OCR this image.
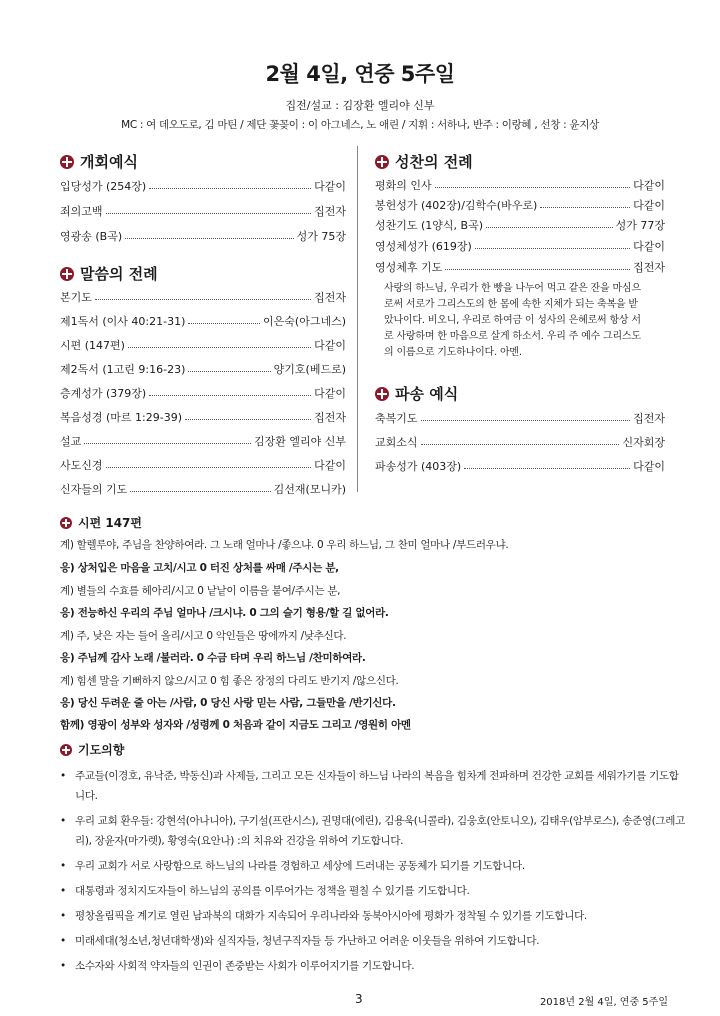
2월 4일, 연중 5주일
집전/설교 : 김장환 엘리야 신부
MC : 여 데오도로, 김 마틴 / 제단 꽃꽂이 : 이 아그네스, 노 애린 / 지휘 : 서하나, 반주 : 이랑혜 , 선창 : 윤지상
개회예식
입당성가 (254장)	다같이
죄의고백	집전자
영광송 (B곡)	성가 75장
말씀의 전례
본기도	집전자
제1독서 (이사 40:21-31)	이은숙(아그네스)
시편 (147편)	다같이
제2독서 (1고린 9:16-23)	양기호(베드로)
층계성가 (379장)	다같이
복음성경 (마르 1:29-39)	집전자
설교	김장환 엘리야 신부
사도신경	다같이
신자들의 기도	김선재(모니카)
성찬의 전례
평화의 인사	다같이
봉헌성가 (402장)/김학수(바우로)	다같이
성찬기도 (1양식, B곡)	성가 77장
영성체성가 (619장)	다같이
영성체후 기도	집전자
사랑의 하느님, 우리가 한 빵을 나누어 먹고 같은 잔을 마심으
로써 서로가 그리스도의 한 몸에 속한 지체가 되는 축복을 받
았나이다. 비오니, 우리로 하여금 이 성사의 은혜로써 항상 서
로 사랑하며 한 마음으로 살게 하소서. 우리 주 예수 그리스도
의 이름으로 기도하나이다. 아멘.
파송 예식
축복기도	집전자
교회소식	신자회장
파송성가 (403장)	다같이
시편 147편
계) 할렐루야, 주님을 찬양하여라. 그 노래 얼마나 /좋으냐. 0 우리 하느님, 그 찬미 얼마나 /부드러우냐.
응) 상처입은 마음을 고치/시고 0 터진 상처를 싸매 /주시는 분,
계) 별들의 수효를 헤아리/시고 0 낱낱이 이름을 붙여/주시는 분,
응) 전능하신 우리의 주님 얼마나 /크시냐. 0 그의 슬기 형용/할 길 없어라.
계) 주, 낮은 자는 들어 올리/시고 0 악인들은 땅에까지 /낮추신다.
응) 주님께 감사 노래 /불러라. 0 수금 타며 우리 하느님 /찬미하여라.
계) 힘센 말을 기뻐하지 않으/시고 0 힘 좋은 장정의 다리도 반기지 /않으신다.
응) 당신 두려운 줄 아는 /사람, 0 당신 사랑 믿는 사람, 그들만을 /반기신다.
함께) 영광이 성부와 성자와 /성령께 0 처음과 같이 지금도 그리고 /영원히 아멘
기도의향
• 주교들(이경호, 유낙준, 박동신)과 사제들, 그리고 모든 신자들이 하느님 나라의 복음을 힘차게 전파하며 건강한 교회를 세워가기를 기도합니다.
• 우리 교회 환우들: 강현석(아나니아), 구기설(프란시스), 권명대(에린), 김용욱(니콜라), 김웅호(안토니오), 김태우(암부로스), 송준영(그레고리), 장윤자(마가렛), 황영숙(요안나) :의 치유와 건강을 위하여 기도합니다.
• 우리 교회가 서로 사랑함으로 하느님의 나라를 경험하고 세상에 드러내는 공동체가 되기를 기도합니다.
• 대통령과 정치지도자들이 하느님의 공의를 이루어가는 정책을 펼칠 수 있기를 기도합니다.
• 평창올림픽을 계기로 열린 남과북의 대화가 지속되어 우리나라와 동북아시아에 평화가 정착될 수 있기를 기도합니다.
• 미래세대(청소년,청년대학생)와 실직자들, 청년구직자들 등 가난하고 어려운 이웃들을 위하여 기도합니다.
• 소수자와 사회적 약자들의 인권이 존중받는 사회가 이루어지기를 기도합니다.
3	2018년 2월 4일, 연중 5주일
